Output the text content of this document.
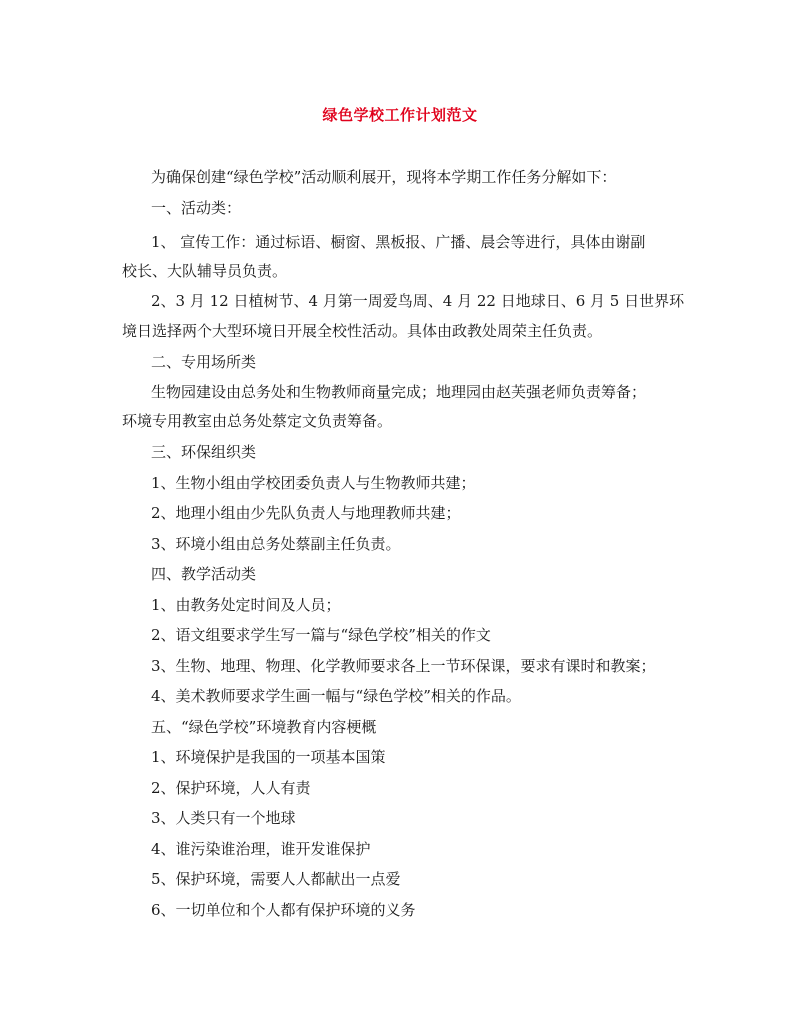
绿色学校工作计划范文
为确保创建“绿色学校”活动顺利展开，现将本学期工作任务分解如下：
一、活动类：
1、 宣传工作：通过标语、橱窗、黑板报、广播、晨会等进行，具体由谢副
校长、大队辅导员负责。
2、3 月 12 日植树节、4 月第一周爱鸟周、4 月 22 日地球日、6 月 5 日世界环
境日选择两个大型环境日开展全校性活动。具体由政教处周荣主任负责。
二、专用场所类
生物园建设由总务处和生物教师商量完成；地理园由赵芙强老师负责筹备；
环境专用教室由总务处蔡定文负责筹备。
三、环保组织类
1、生物小组由学校团委负责人与生物教师共建；
2、地理小组由少先队负责人与地理教师共建；
3、环境小组由总务处蔡副主任负责。
四、教学活动类
1、由教务处定时间及人员；
2、语文组要求学生写一篇与“绿色学校”相关的作文
3、生物、地理、物理、化学教师要求各上一节环保课，要求有课时和教案；
4、美术教师要求学生画一幅与“绿色学校”相关的作品。
五、“绿色学校”环境教育内容梗概
1、环境保护是我国的一项基本国策
2、保护环境，人人有责
3、人类只有一个地球
4、谁污染谁治理，谁开发谁保护
5、保护环境，需要人人都献出一点爱
6、一切单位和个人都有保护环境的义务
